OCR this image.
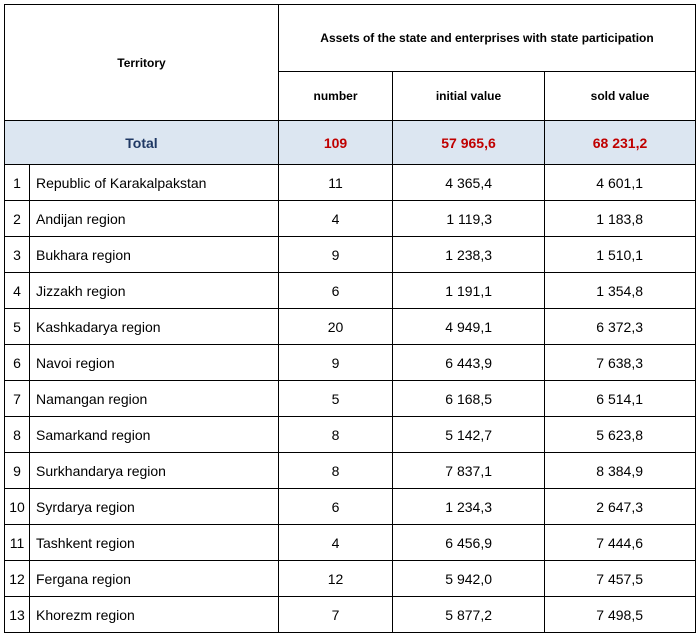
Territory		Assets of the state and enterprises with state participation		
		number	initial value	sold value
Total		109	57 965,6	68 231,2
1	Republic of Karakalpakstan	11	4 365,4	4 601,1
2	Andijan region	4	1 119,3	1 183,8
3	Bukhara region	9	1 238,3	1 510,1
4	Jizzakh region	6	1 191,1	1 354,8
5	Kashkadarya region	20	4 949,1	6 372,3
6	Navoi region	9	6 443,9	7 638,3
7	Namangan region	5	6 168,5	6 514,1
8	Samarkand region	8	5 142,7	5 623,8
9	Surkhandarya region	8	7 837,1	8 384,9
10	Syrdarya region	6	1 234,3	2 647,3
11	Tashkent region	4	6 456,9	7 444,6
12	Fergana region	12	5 942,0	7 457,5
13	Khorezm region	7	5 877,2	7 498,5
